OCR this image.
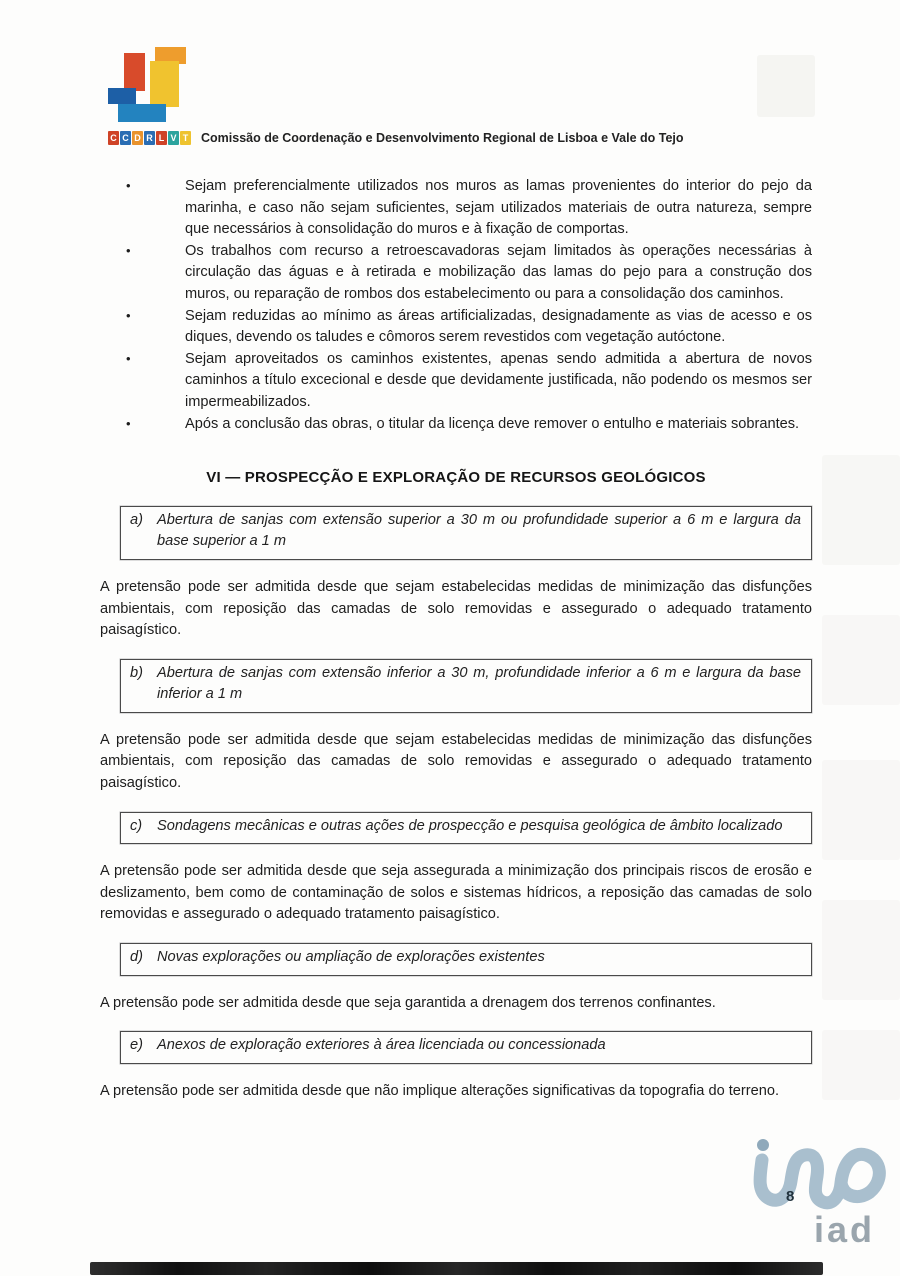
C C D R L V T Comissão de Coordenação e Desenvolvimento Regional de Lisboa e Vale do Tejo
•	Sejam preferencialmente utilizados nos muros as lamas provenientes do interior do pejo da marinha, e caso não sejam suficientes, sejam utilizados materiais de outra natureza, sempre que necessários à consolidação do muros e à fixação de comportas.
•	Os trabalhos com recurso a retroescavadoras sejam limitados às operações necessárias à circulação das águas e à retirada e mobilização das lamas do pejo para a construção dos muros, ou reparação de rombos dos estabelecimento ou para a consolidação dos caminhos.
•	Sejam reduzidas ao mínimo as áreas artificializadas, designadamente as vias de acesso e os diques, devendo os taludes e cômoros serem revestidos com vegetação autóctone.
•	Sejam aproveitados os caminhos existentes, apenas sendo admitida a abertura de novos caminhos a título excecional e desde que devidamente justificada, não podendo os mesmos ser impermeabilizados.
•	Após a conclusão das obras, o titular da licença deve remover o entulho e materiais sobrantes.
VI — PROSPECÇÃO E EXPLORAÇÃO DE RECURSOS GEOLÓGICOS
a) Abertura de sanjas com extensão superior a 30 m ou profundidade superior a 6 m e largura da base superior a 1 m
A pretensão pode ser admitida desde que sejam estabelecidas medidas de minimização das disfunções ambientais, com reposição das camadas de solo removidas e assegurado o adequado tratamento paisagístico.
b) Abertura de sanjas com extensão inferior a 30 m, profundidade inferior a 6 m e largura da base inferior a 1 m
A pretensão pode ser admitida desde que sejam estabelecidas medidas de minimização das disfunções ambientais, com reposição das camadas de solo removidas e assegurado o adequado tratamento paisagístico.
c)	Sondagens mecânicas e outras ações de prospecção e pesquisa geológica de âmbito localizado
A pretensão pode ser admitida desde que seja assegurada a minimização dos principais riscos de erosão e deslizamento, bem como de contaminação de solos e sistemas hídricos, a reposição das camadas de solo removidas e assegurado o adequado tratamento paisagístico.
d) Novas explorações ou ampliação de explorações existentes
A pretensão pode ser admitida desde que seja garantida a drenagem dos terrenos confinantes.
e) Anexos de exploração exteriores à área licenciada ou concessionada
A pretensão pode ser admitida desde que não implique alterações significativas da topografia do terreno.
iad
8
